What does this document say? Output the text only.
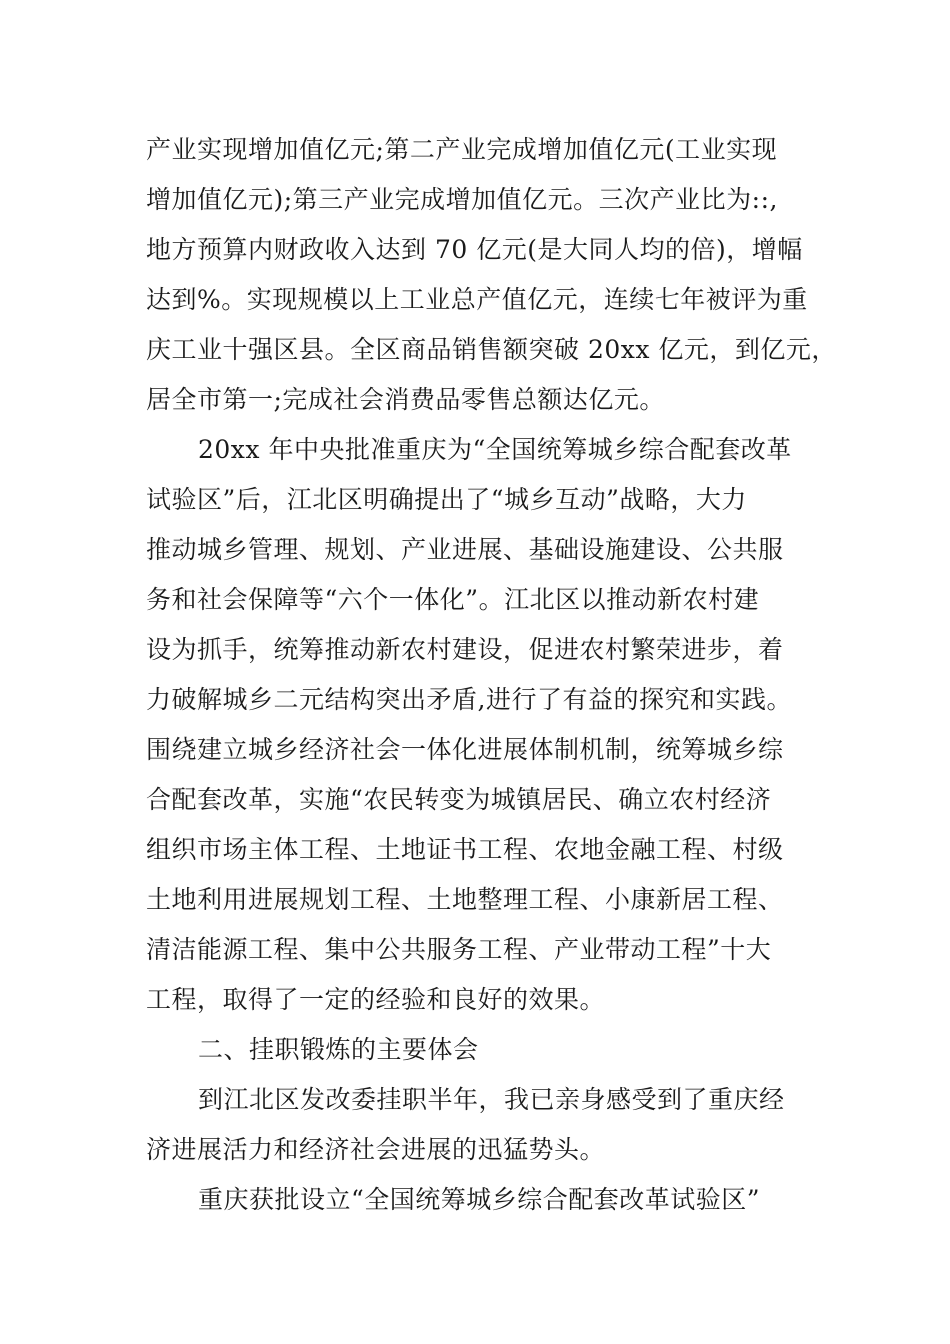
产业实现增加值亿元;第二产业完成增加值亿元(工业实现
增加值亿元);第三产业完成增加值亿元。三次产业比为::,
地方预算内财政收入达到 70 亿元(是大同人均的倍)，增幅
达到%。实现规模以上工业总产值亿元，连续七年被评为重
庆工业十强区县。全区商品销售额突破 20xx 亿元，到亿元，
居全市第一;完成社会消费品零售总额达亿元。
20xx 年中央批准重庆为“全国统筹城乡综合配套改革
试验区”后，江北区明确提出了“城乡互动”战略，大力
推动城乡管理、规划、产业进展、基础设施建设、公共服
务和社会保障等“六个一体化”。江北区以推动新农村建
设为抓手，统筹推动新农村建设，促进农村繁荣进步，着
力破解城乡二元结构突出矛盾,进行了有益的探究和实践。
围绕建立城乡经济社会一体化进展体制机制，统筹城乡综
合配套改革，实施“农民转变为城镇居民、确立农村经济
组织市场主体工程、土地证书工程、农地金融工程、村级
土地利用进展规划工程、土地整理工程、小康新居工程、
清洁能源工程、集中公共服务工程、产业带动工程”十大
工程，取得了一定的经验和良好的效果。
二、挂职锻炼的主要体会
到江北区发改委挂职半年，我已亲身感受到了重庆经
济进展活力和经济社会进展的迅猛势头。
重庆获批设立“全国统筹城乡综合配套改革试验区”
